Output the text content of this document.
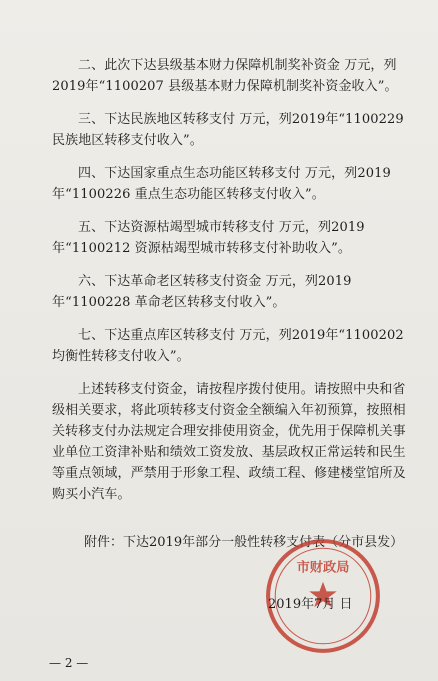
二、此次下达县级基本财力保障机制奖补资金 万元，列2019年“1100207 县级基本财力保障机制奖补资金收入”。

三、下达民族地区转移支付 万元，列2019年“1100229 民族地区转移支付收入”。

四、下达国家重点生态功能区转移支付 万元，列2019年“1100226 重点生态功能区转移支付收入”。

五、下达资源枯竭型城市转移支付 万元，列2019年“1100212 资源枯竭型城市转移支付补助收入”。

六、下达革命老区转移支付资金 万元，列2019年“1100228 革命老区转移支付收入”。

七、下达重点库区转移支付 万元，列2019年“1100202 均衡性转移支付收入”。

上述转移支付资金，请按程序拨付使用。请按照中央和省级相关要求，将此项转移支付资金全额编入年初预算，按照相关转移支付办法规定合理安排使用资金，优先用于保障机关事业单位工资津补贴和绩效工资发放、基层政权正常运转和民生等重点领域，严禁用于形象工程、政绩工程、修建楼堂馆所及购买小汽车。

附件：下达2019年部分一般性转移支付表（分市县发）
市财政局
2019年7月 日
— 2 —
